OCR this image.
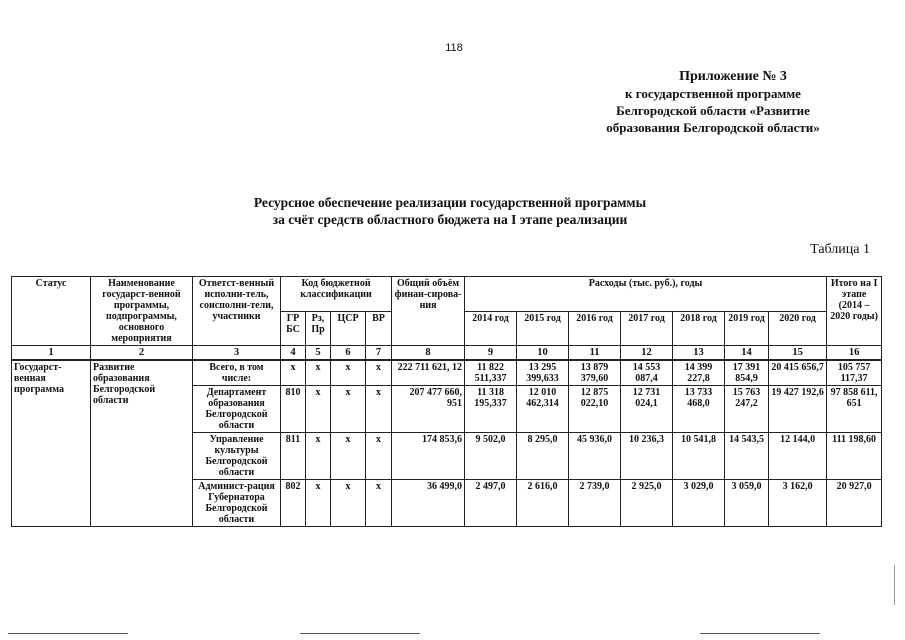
118
Приложение № 3
к государственной программе
Белгородской области «Развитие
образования Белгородской области»
Ресурсное обеспечение реализации государственной программы
за счёт средств областного бюджета на I этапе реализации
Таблица 1
Статус	Наименование государст-венной программы, подпрограммы, основного мероприятия	Ответст-венный исполни-тель, соисполни-тели, участники	Код бюджетной классификации				Общий объём финан-сирова-ния	Расходы (тыс. руб.), годы							Итого на I этапе (2014 – 2020 годы)
			ГР БС	Рз, Пр	ЦСР	ВР		2014 год	2015 год	2016 год	2017 год	2018 год	2019 год	2020 год	
1	2	3	4	5	6	7	8	9	10	11	12	13	14	15	16
Государст-венная программа	Развитие образования Белгородской области	Всего, в том числе:	х	х	х	х	222 711 621, 12	11 822 511,337	13 295 399,633	13 879 379,60	14 553 087,4	14 399 227,8	17 391 854,9	20 415 656,7	105 757 117,37
		Департамент образования Белгородской области	810	х	х	х	207 477 660, 951	11 318 195,337	12 010 462,314	12 875 022,10	12 731 024,1	13 733 468,0	15 763 247,2	19 427 192,6	97 858 611, 651
		Управление культуры Белгородской области	811	х	х	х	174 853,6	9 502,0	8 295,0	45 936,0	10 236,3	10 541,8	14 543,5	12 144,0	111 198,60
		Админист-рация Губернатора Белгородской области	802	х	х	х	36 499,0	2 497,0	2 616,0	2 739,0	2 925,0	3 029,0	3 059,0	3 162,0	20 927,0
